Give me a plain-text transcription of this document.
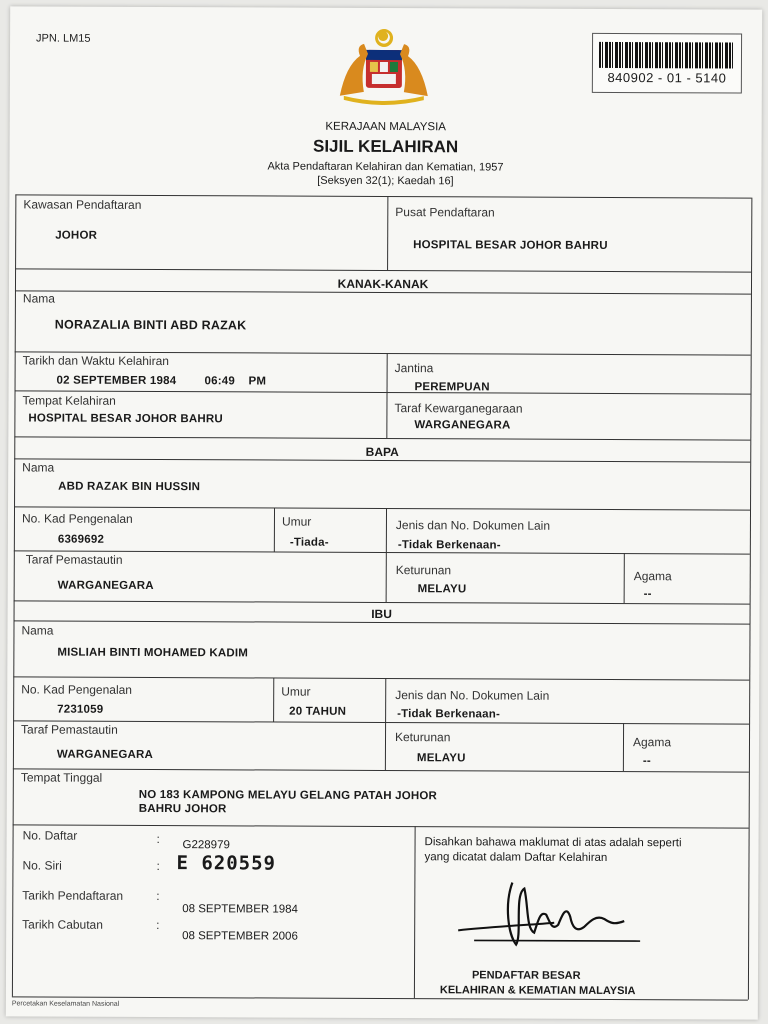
JPN. LM15
840902 - 01 - 5140
KERAJAAN MALAYSIA
SIJIL KELAHIRAN
Akta Pendaftaran Kelahiran dan Kematian, 1957
[Seksyen 32(1); Kaedah 16]
Kawasan Pendaftaran
JOHOR
Pusat Pendaftaran
HOSPITAL BESAR JOHOR BAHRU
KANAK-KANAK
Nama
NORAZALIA BINTI ABD RAZAK
Tarikh dan Waktu Kelahiran
02 SEPTEMBER 1984 06:49 PM
Jantina
PEREMPUAN
Tempat Kelahiran
HOSPITAL BESAR JOHOR BAHRU
Taraf Kewarganegaraan
WARGANEGARA
BAPA
Nama
ABD RAZAK BIN HUSSIN
No. Kad Pengenalan
6369692
Umur
-Tiada-
Jenis dan No. Dokumen Lain
-Tidak Berkenaan-
Taraf Pemastautin
WARGANEGARA
Keturunan
MELAYU
Agama
--
IBU
Nama
MISLIAH BINTI MOHAMED KADIM
No. Kad Pengenalan
7231059
Umur
20 TAHUN
Jenis dan No. Dokumen Lain
-Tidak Berkenaan-
Taraf Pemastautin
WARGANEGARA
Keturunan
MELAYU
Agama
--
Tempat Tinggal
NO 183 KAMPONG MELAYU GELANG PATAH JOHOR
BAHRU JOHOR
No. Daftar	: G228979
No. Siri	: E 620559
Tarikh Pendaftaran	:
08 SEPTEMBER 1984
Tarikh Cabutan	:
08 SEPTEMBER 2006
Disahkan bahawa maklumat di atas adalah seperti
yang dicatat dalam Daftar Kelahiran
PENDAFTAR BESAR
KELAHIRAN & KEMATIAN MALAYSIA
Percetakan Keselamatan Nasional
